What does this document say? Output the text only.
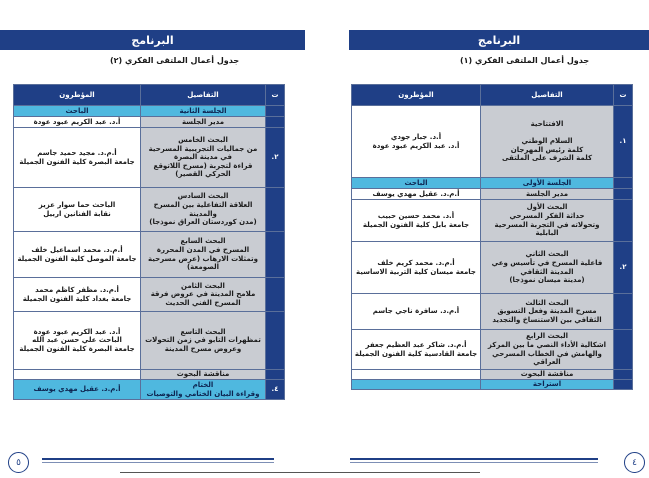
البرنامج	البرنامج
جدول أعمال الملتقى الفكري (٢)	جدول أعمال الملتقى الفكري (١)
ت	التفاصيل	المؤطرون
	الجلسة الثانية	الباحث
	مدير الجلسة	أ.د. عبد الكريم عبود عودة
٢.	البحث الخامس
من جماليات التجريبية المسرحية في مدينة البصرة
قراءة لتجربة (مسرح اللاتوقع الحركي القصير)	أ.م.د. مجيد حميد جاسم
جامعة البصرة كلية الفنون الجميلة
	البحث السادس
العلاقة التفاعلية بين المسرح والمدينة
(مدن كوردستان العراق نموذجا)	الباحث حما سوار عزيز
نقابة الفنانين اربيل
	البحث السابع
المسرح في المدن المحررة وتمثلات الارهاب (عرض مسرحية الصومعة)	أ.م.د. محمد اسماعيل خلف
جامعة الموصل كلية الفنون الجميلة
	البحث الثامن
ملامح المدينة في عروض فرقة المسرح الفني الحديث	أ.م.د. مظفر كاظم محمد
جامعة بغداد كلية الفنون الجميلة
	البحث التاسع
تمظهرات التابو في زمن التحولات وعروض مسرح المدينة	أ.د. عبد الكريم عبود عودة
الباحث علي حسن عبد الله
جامعة البصرة كلية الفنون الجميلة
	مناقشة البحوث	
٤.	الختام
وقراءة البيان الختامي والتوصيات	أ.م.د. عقيل مهدي يوسف
ت	التفاصيل	المؤطرون
١.	الافتتاحية

السلام الوطني
كلمة رئيس المهرجان
كلمة الشرف على الملتقى	أ.د. جبار جودي
أ.د. عبد الكريم عبود عودة
	الجلسة الأولى	الباحث
	مدير الجلسة	أ.م.د. عقيل مهدي يوسف
	البحث الأول
حداثة الفكر المسرحي
وتحولاته في التجربة المسرحية البابلية	أ.د. محمد حسين حبيب
جامعة بابل كلية الفنون الجميلة
٢.	البحث الثاني
فاعلية المسرح في تأسيس وعي المدينة الثقافي
(مدينة ميسان نموذجا)	أ.م.د. محمد كريم خلف
جامعة ميسان كلية التربية الاساسية
	البحث الثالث
مسرح المدينة وفعل التسويق الثقافي بين الاستنساخ والتجديد	أ.م.د. سافرة ناجي جاسم
	البحث الرابع
اشكالية الأداء النصي ما بين المركز والهامش في الخطاب المسرحي العراقي	أ.م.د. شاكر عبد العظيم جعفر
جامعة القادسية كلية الفنون الجميلة
	مناقشة البحوث	
	استراحة	
٥	٤
